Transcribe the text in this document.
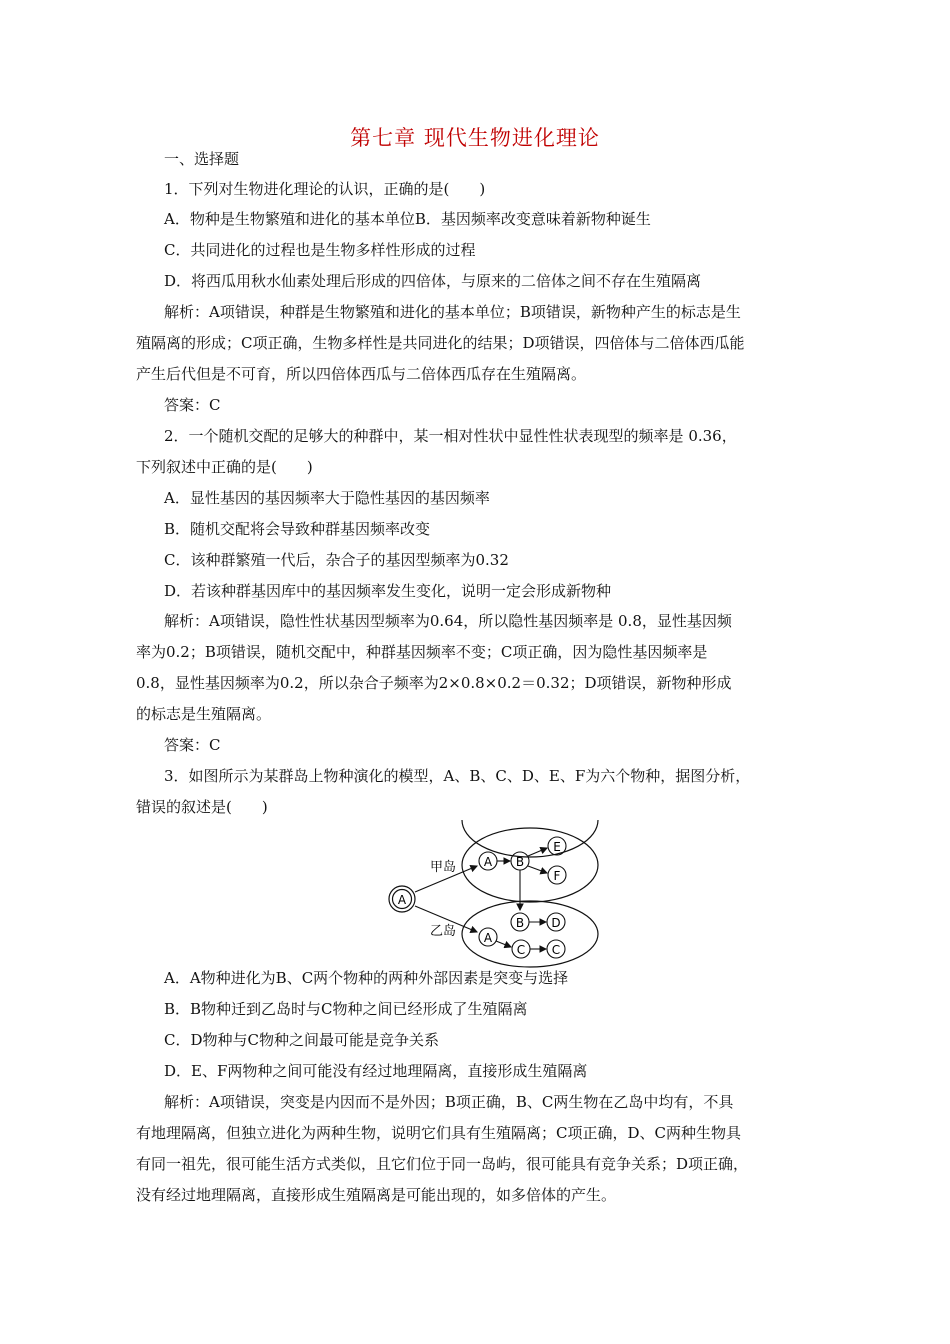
第七章 现代生物进化理论
一、选择题
1．下列对生物进化理论的认识，正确的是(　　)
A．物种是生物繁殖和进化的基本单位B．基因频率改变意味着新物种诞生
C．共同进化的过程也是生物多样性形成的过程
D．将西瓜用秋水仙素处理后形成的四倍体，与原来的二倍体之间不存在生殖隔离
解析：A项错误，种群是生物繁殖和进化的基本单位；B项错误，新物种产生的标志是生
殖隔离的形成；C项正确，生物多样性是共同进化的结果；D项错误，四倍体与二倍体西瓜能
产生后代但是不可育，所以四倍体西瓜与二倍体西瓜存在生殖隔离。
答案：C
2．一个随机交配的足够大的种群中，某一相对性状中显性性状表现型的频率是 0.36，
下列叙述中正确的是(　　)
A．显性基因的基因频率大于隐性基因的基因频率
B．随机交配将会导致种群基因频率改变
C．该种群繁殖一代后，杂合子的基因型频率为0.32
D．若该种群基因库中的基因频率发生变化，说明一定会形成新物种
解析：A项错误，隐性性状基因型频率为0.64，所以隐性基因频率是 0.8，显性基因频
率为0.2；B项错误，随机交配中，种群基因频率不变；C项正确，因为隐性基因频率是
0.8，显性基因频率为0.2，所以杂合子频率为2×0.8×0.2＝0.32；D项错误，新物种形成
的标志是生殖隔离。
答案：C
3．如图所示为某群岛上物种演化的模型，A、B、C、D、E、F为六个物种，据图分析，
错误的叙述是(　　)
甲岛
乙岛
A
A B
E
F
B D
A
C C
A．A物种进化为B、C两个物种的两种外部因素是突变与选择
B．B物种迁到乙岛时与C物种之间已经形成了生殖隔离
C．D物种与C物种之间最可能是竞争关系
D．E、F两物种之间可能没有经过地理隔离，直接形成生殖隔离
解析：A项错误，突变是内因而不是外因；B项正确，B、C两生物在乙岛中均有，不具
有地理隔离，但独立进化为两种生物，说明它们具有生殖隔离；C项正确，D、C两种生物具
有同一祖先，很可能生活方式类似，且它们位于同一岛屿，很可能具有竞争关系；D项正确，
没有经过地理隔离，直接形成生殖隔离是可能出现的，如多倍体的产生。
